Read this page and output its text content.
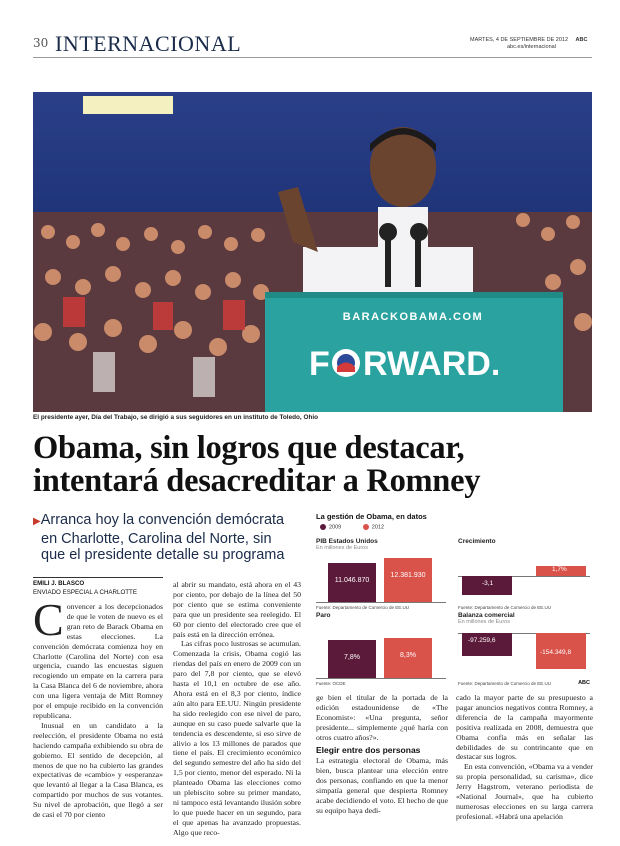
30 INTERNACIONAL	MARTES, 4 DE SEPTIEMBRE DE 2012 ABC
abc.es/internacional
BARACKOBAMA.COM
F RWARD.
El presidente ayer, Día del Trabajo, se dirigió a sus seguidores en un instituto de Toledo, Ohio
Obama, sin logros que destacar,
intentará desacreditar a Romney
▶Arranca hoy la convención demócrata
en Charlotte, Carolina del Norte, sin
que el presidente detalle su programa
EMILI J. BLASCO
ENVIADO ESPECIAL A CHARLOTTE
Convencer a los decepcionados de que le voten de nuevo es el gran reto de Barack Obama en estas elecciones. La convención demócrata comienza hoy en Charlotte (Carolina del Norte) con esa urgencia, cuando las encuestas siguen recogiendo un empate en la carrera para la Casa Blanca del 6 de noviembre, ahora con una ligera ventaja de Mitt Romney por el empuje recibido en la convención republicana.
Inusual en un candidato a la reelección, el presidente Obama no está haciendo campaña exhibiendo su obra de gobierno. El sentido de decepción, al menos de que no ha cubierto las grandes expectativas de «cambio» y «esperanza» que levantó al llegar a la Casa Blanca, es compartido por muchos de sus votantes. Su nivel de aprobación, que llegó a ser de casi el 70 por ciento
al abrir su mandato, está ahora en el 43 por ciento, por debajo de la línea del 50 por ciento que se estima conveniente para que un presidente sea reelegido. El 60 por ciento del electorado cree que el país está en la dirección errónea.
Las cifras poco lustrosas se acumulan. Comenzada la crisis, Obama cogió las riendas del país en enero de 2009 con un paro del 7,8 por ciento, que se elevó hasta el 10,1 en octubre de ese año. Ahora está en el 8,3 por ciento, índice aún alto para EE.UU. Ningún presidente ha sido reelegido con ese nivel de paro, aunque en su caso puede salvarle que la tendencia es descendente, si eso sirve de alivio a los 13 millones de parados que tiene el país. El crecimiento económico del segundo semestre del año ha sido del 1,5 por ciento, menor del esperado. Ni la planteado Obama las elecciones como un plebiscito sobre su primer mandato, ni tampoco está levantando ilusión sobre lo que puede hacer en un segundo, para el que apenas ha avanzado propuestas. Algo que reco-
ge bien el titular de la portada de la edición estadounidense de «The Economist»: «Una pregunta, señor presidente... simplemente ¿qué haría con otros cuatro años?».
Elegir entre dos personas
La estrategia electoral de Obama, más bien, busca plantear una elección entre dos personas, confiando en que la menor simpatía general que despierta Romney acabe decidiendo el voto. El hecho de que su equipo haya dedi-
cado la mayor parte de su presupuesto a pagar anuncios negativos contra Romney, a diferencia de la campaña mayormente positiva realizada en 2008, demuestra que Obama confía más en señalar las debilidades de su contrincante que en destacar sus logros.
En esta convención, «Obama va a vender su propia personalidad, su carisma», dice Jerry Hagstrom, veterano periodista de «National Journal», que ha cubierto numerosas elecciones en su larga carrera profesional. «Habrá una apelación
La gestión de Obama, en datos
2009	2012
PIB Estados Unidos
En millones de Euros
11.046.870
12.381.930
Fuente: Departamento de Comercio de EE.UU
Crecimiento
-3,1
1,7%
Fuente: Departamento de Comercio de EE.UU
Paro
7,8%	8,3%
Fuente: OCDE
Balanza comercial
En millones de Euros
-97.259,6
-154.349,8
Fuente: Departamento de Comercio de EE.UU	ABC
